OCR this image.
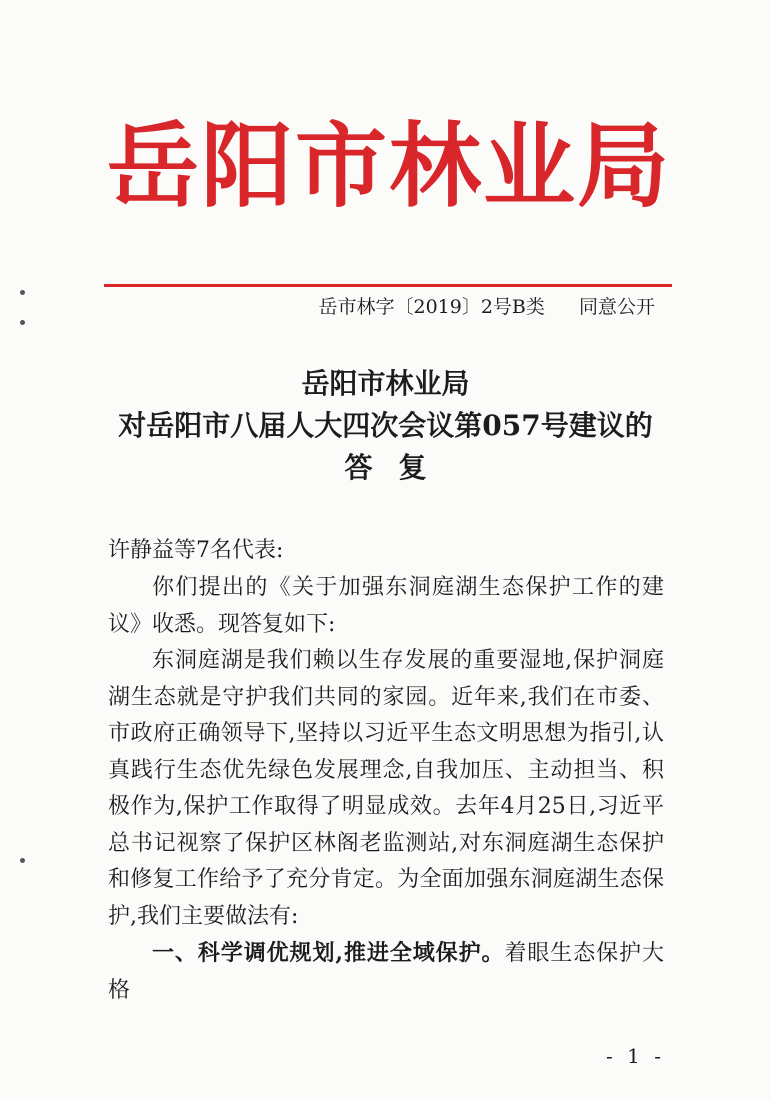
岳阳市林业局
岳市林字〔2019〕2号B类 同意公开
岳阳市林业局
对岳阳市八届人大四次会议第057号建议的
答复
许静益等7名代表:

你们提出的《关于加强东洞庭湖生态保护工作的建议》收悉。现答复如下:

东洞庭湖是我们赖以生存发展的重要湿地,保护洞庭湖生态就是守护我们共同的家园。近年来,我们在市委、市政府正确领导下,坚持以习近平生态文明思想为指引,认真践行生态优先绿色发展理念,自我加压、主动担当、积极作为,保护工作取得了明显成效。去年4月25日,习近平总书记视察了保护区林阁老监测站,对东洞庭湖生态保护和修复工作给予了充分肯定。为全面加强东洞庭湖生态保护,我们主要做法有:

一、科学调优规划,推进全域保护。着眼生态保护大格

- 1 -
